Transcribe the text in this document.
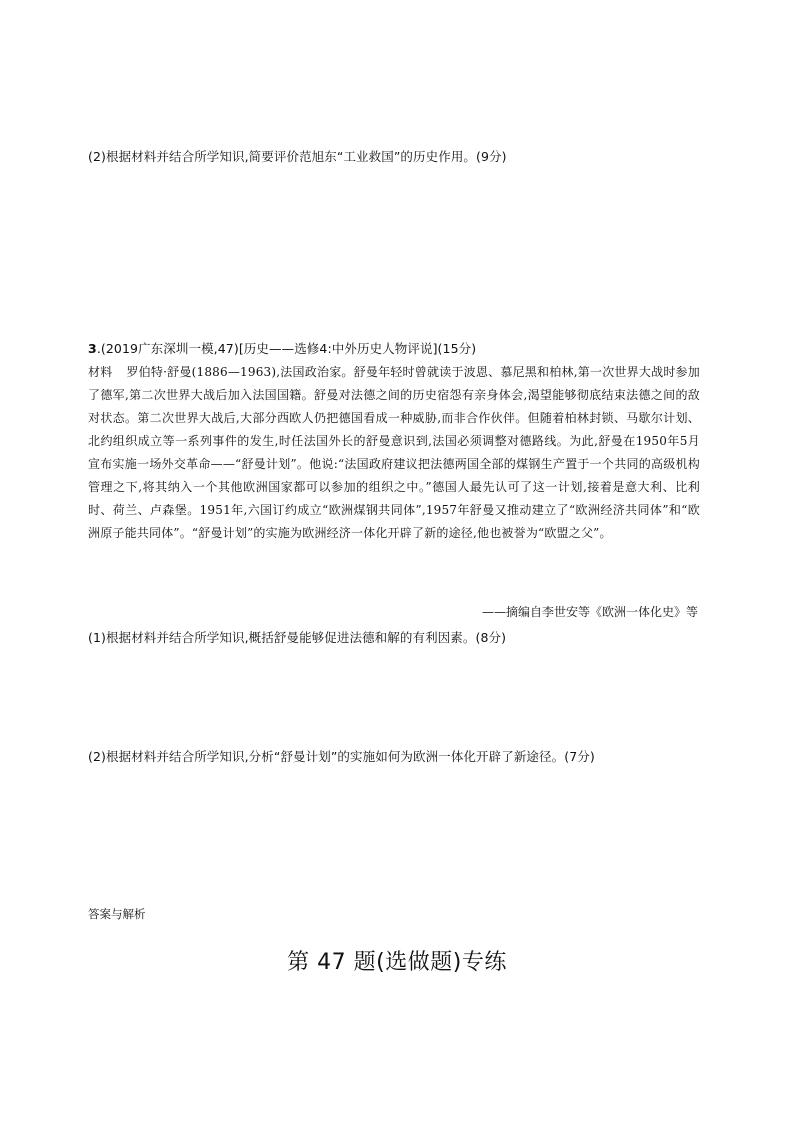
(2)根据材料并结合所学知识,简要评价范旭东“工业救国”的历史作用。(9分)

3.(2019广东深圳一模,47)[历史——选修4:中外历史人物评说](15分)
材料 罗伯特·舒曼(1886—1963),法国政治家。舒曼年轻时曾就读于波恩、慕尼黑和柏林,第一次世界大战时参加了德军,第二次世界大战后加入法国国籍。舒曼对法德之间的历史宿怨有亲身体会,渴望能够彻底结束法德之间的敌对状态。第二次世界大战后,大部分西欧人仍把德国看成一种威胁,而非合作伙伴。但随着柏林封锁、马歇尔计划、北约组织成立等一系列事件的发生,时任法国外长的舒曼意识到,法国必须调整对德路线。为此,舒曼在1950年5月宣布实施一场外交革命——“舒曼计划”。他说:“法国政府建议把法德两国全部的煤钢生产置于一个共同的高级机构管理之下,将其纳入一个其他欧洲国家都可以参加的组织之中。”德国人最先认可了这一计划,接着是意大利、比利时、荷兰、卢森堡。1951年,六国订约成立“欧洲煤钢共同体”,1957年舒曼又推动建立了“欧洲经济共同体”和“欧洲原子能共同体”。“舒曼计划”的实施为欧洲经济一体化开辟了新的途径,他也被誉为“欧盟之父”。
——摘编自李世安等《欧洲一体化史》等

(1)根据材料并结合所学知识,概括舒曼能够促进法德和解的有利因素。(8分)

(2)根据材料并结合所学知识,分析“舒曼计划”的实施如何为欧洲一体化开辟了新途径。(7分)

答案与解析
第 47 题(选做题)专练
